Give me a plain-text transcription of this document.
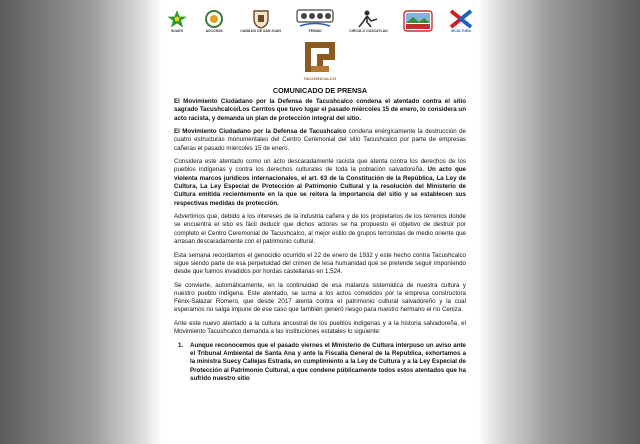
SUAES	ASCOSVA	CABILDO DE SAN JUAN	FENIAD	CIRCULO CUSCATLAN	SICULTURA
TACUSHCALCO
COMUNICADO DE PRENSA

El Movimiento Ciudadano por la Defensa de Tacushcalco condena el atentado contra el sitio sagrado Tacushcalco/Los Cerritos que tuvo lugar el pasado miércoles 15 de enero, lo considera un acto racista, y demanda un plan de protección integral del sitio.

El Movimiento Ciudadano por la Defensa de Tacushcalco condena enérgicamente la destrucción de cuatro estructuras monumentales del Centro Ceremonial del sitio Tacushcalco por parte de empresas cañeras el pasado miércoles 15 de enero.

Considera este atentado como un acto descaradamente racista que atenta contra los derechos de los pueblos indígenas y contra los derechos culturales de toda la población salvadoreña. Un acto que violenta marcos jurídicos internacionales, el art. 63 de la Constitución de la República, La Ley de Cultura, La Ley Especial de Protección al Patrimonio Cultural y la resolución del Ministerio de Cultura emitida recientemente en la que se reitera la importancia del sitio y se establecen sus respectivas medidas de protección.

Advertimos que, debido a los intereses de la industria cañera y de los propietarios de los terrenos donde se encuentra el sitio es fácil deducir que dichos actores se ha propuesto el objetivo de destruir por completo el Centro Ceremonial de Tacushcalco, al mejor estilo de grupos terroristas de medio oriente que arrasan descaradamente con el patrimonio cultural.

Esta semana recordamos el genocidio ocurrido el 22 de enero de 1932 y este hecho contra Tacushcalco sigue siendo parte de esa perpetuidad del crimen de lesa humanidad que se pretende seguir imponiendo desde que fuimos invadidos por hordas castellanas en 1,524.

Se convierte, automáticamente, en la continuidad de esa matanza sistemática de nuestra cultura y nuestro pueblo indígena. Este atentado, se suma a los actos cometidos por la empresa constructora Fénix-Salazar Romero, que desde 2017 atenta contra el patrimonio cultural salvadoreño y la cual esperamos no salga impune de ese caso que también generó riesgo para nuestro hermano el río Ceniza.

Ante este nuevo atentado a la cultura ancestral de los pueblos indígenas y a la historia salvadoreña, el Movimiento Tacushcalco demanda a las instituciones estatales lo siguiente:

1.	Aunque reconocemos que el pasado viernes el Ministerio de Cultura interpuso un aviso ante el Tribunal Ambiental de Santa Ana y ante la Fiscalía General de la Republica, exhortamos a la ministra Suecy Callejas Estrada, en cumplimiento a la Ley de Cultura y a la Ley Especial de Protección al Patrimonio Cultural, a que condene públicamente todos estos atentados que ha sufrido nuestro sitio
